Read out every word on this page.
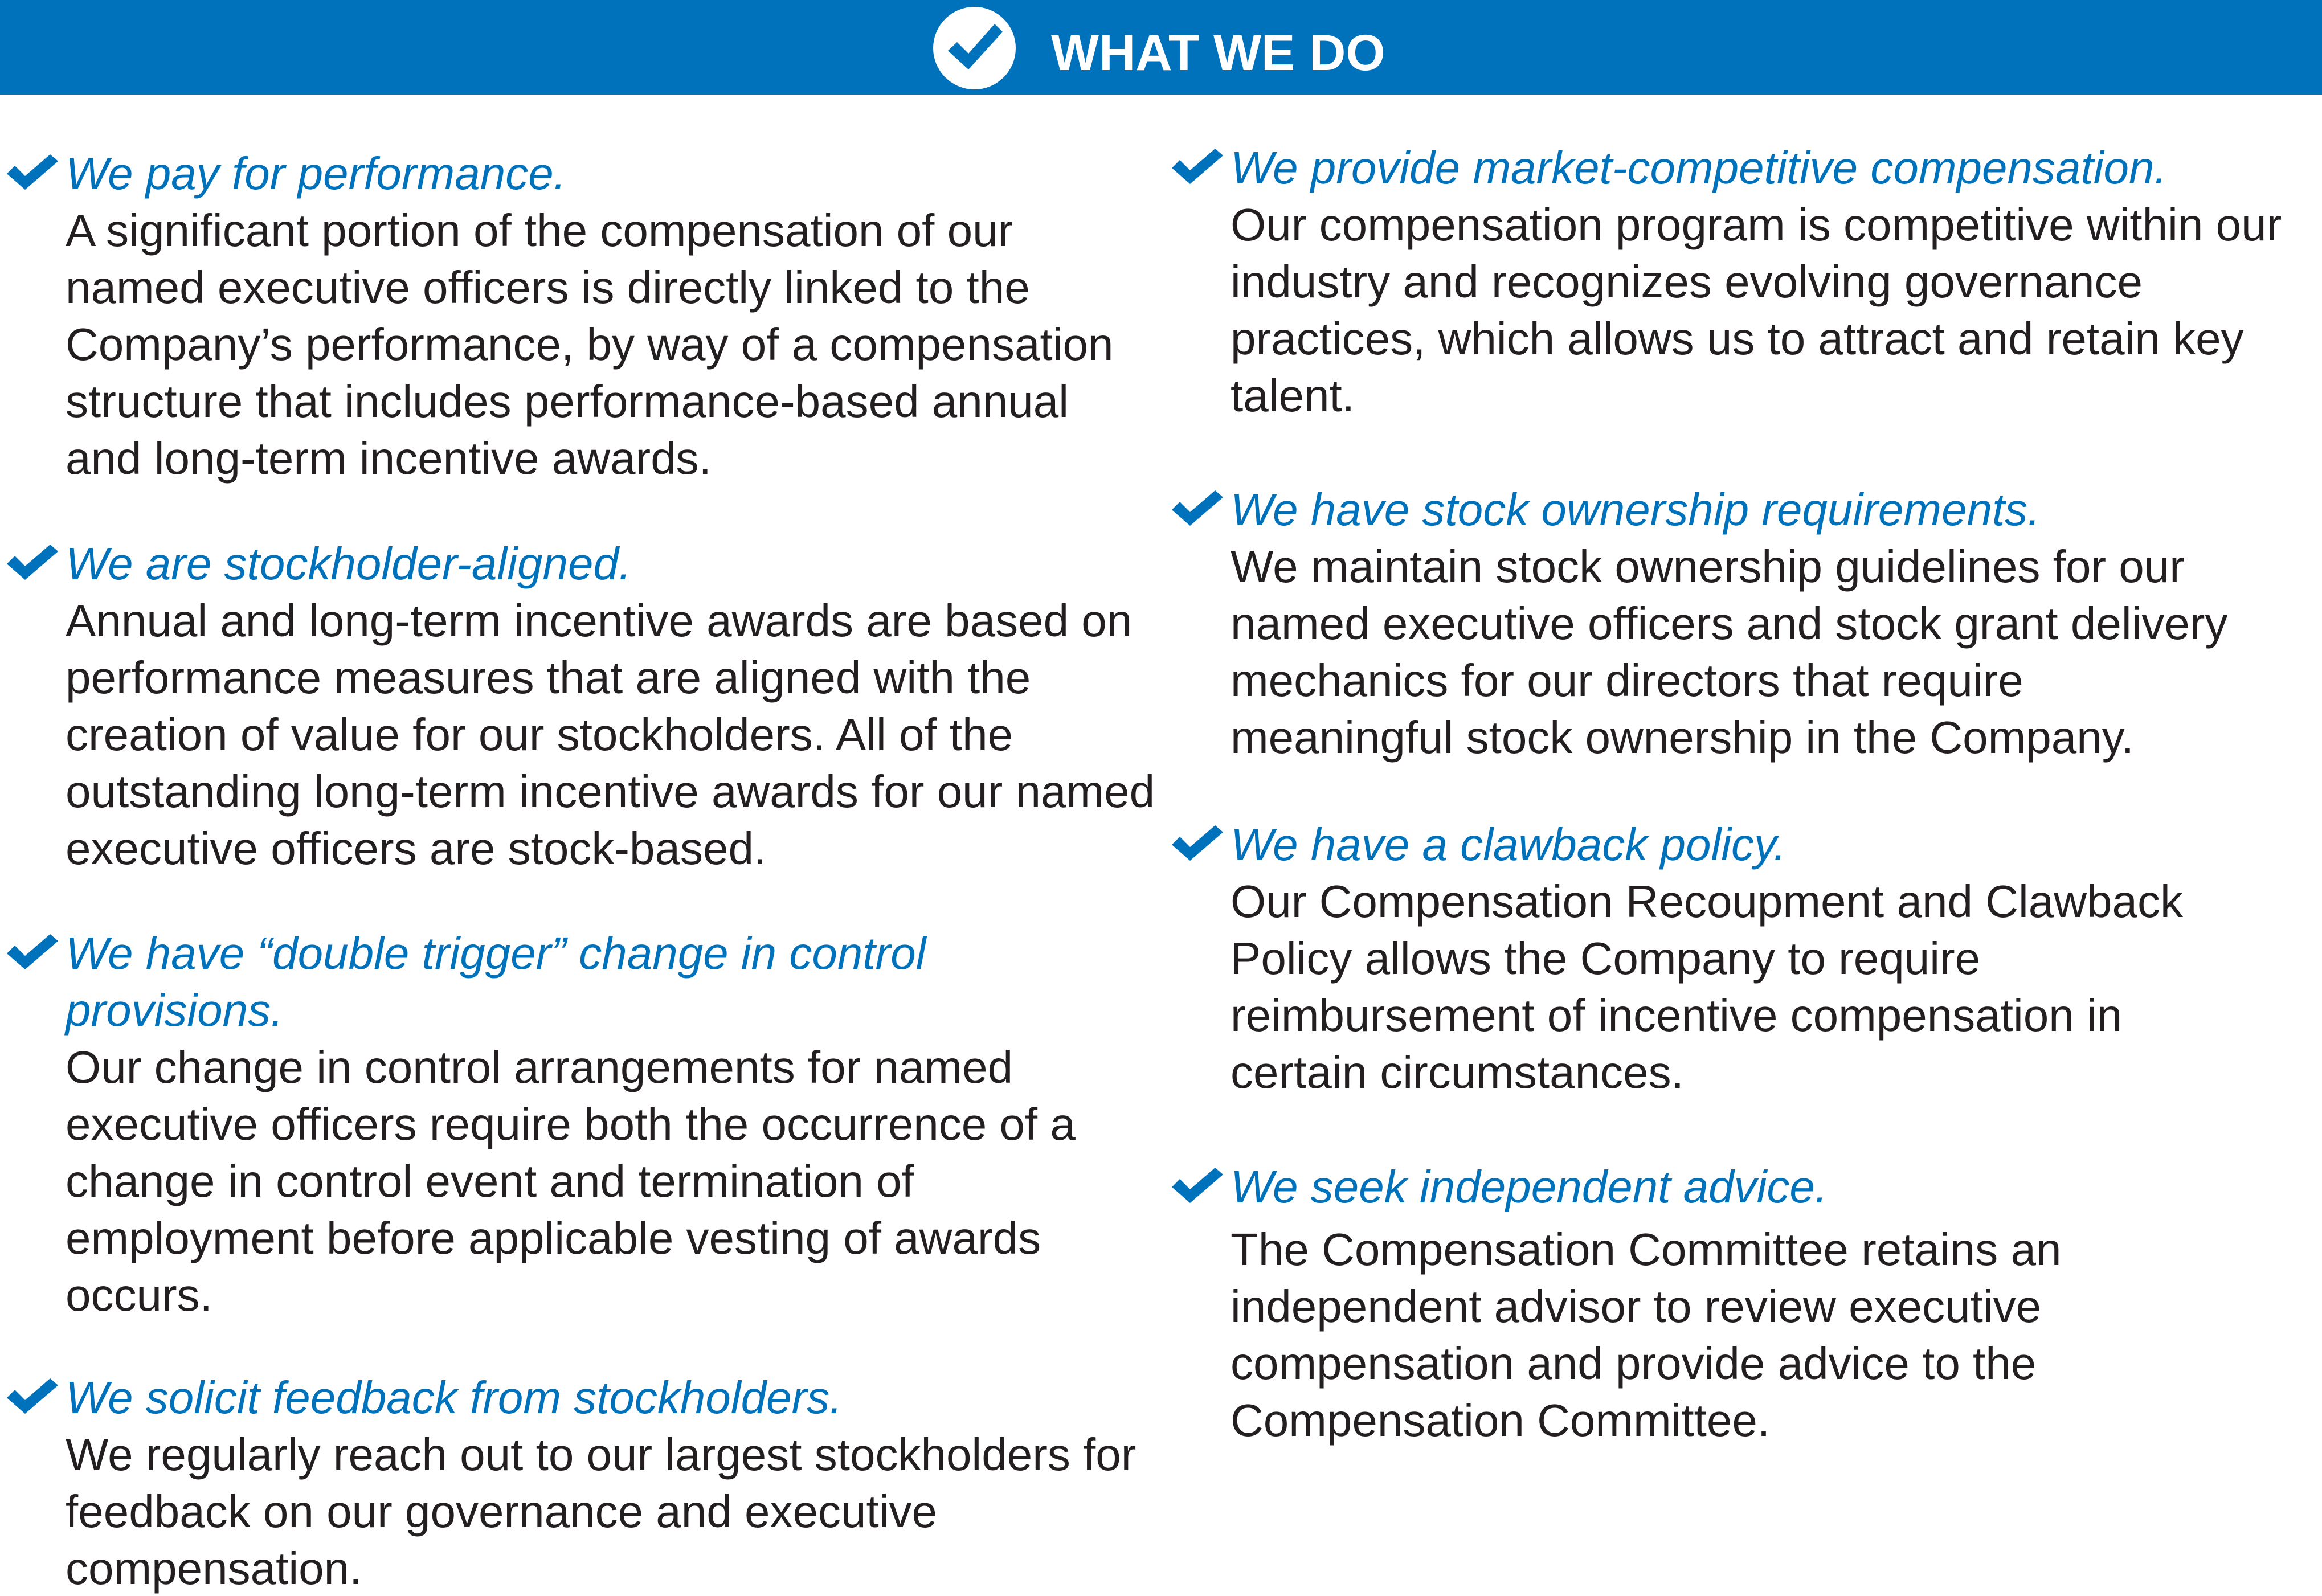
WHAT WE DO
We pay for performance.
A significant portion of the compensation of our named executive officers is directly linked to the Company’s performance, by way of a compensation structure that includes performance-based annual and long-term incentive awards.
We are stockholder-aligned.
Annual and long-term incentive awards are based on performance measures that are aligned with the creation of value for our stockholders. All of the outstanding long-term incentive awards for our named executive officers are stock-based.
We have “double trigger” change in control provisions.
Our change in control arrangements for named executive officers require both the occurrence of a change in control event and termination of employment before applicable vesting of awards occurs.
We solicit feedback from stockholders.
We regularly reach out to our largest stockholders for feedback on our governance and executive compensation.
We provide market-competitive compensation.
Our compensation program is competitive within our industry and recognizes evolving governance practices, which allows us to attract and retain key talent.
We have stock ownership requirements.
We maintain stock ownership guidelines for our named executive officers and stock grant delivery mechanics for our directors that require meaningful stock ownership in the Company.
We have a clawback policy.
Our Compensation Recoupment and Clawback Policy allows the Company to require reimbursement of incentive compensation in certain circumstances.
We seek independent advice.
The Compensation Committee retains an independent advisor to review executive compensation and provide advice to the Compensation Committee.
